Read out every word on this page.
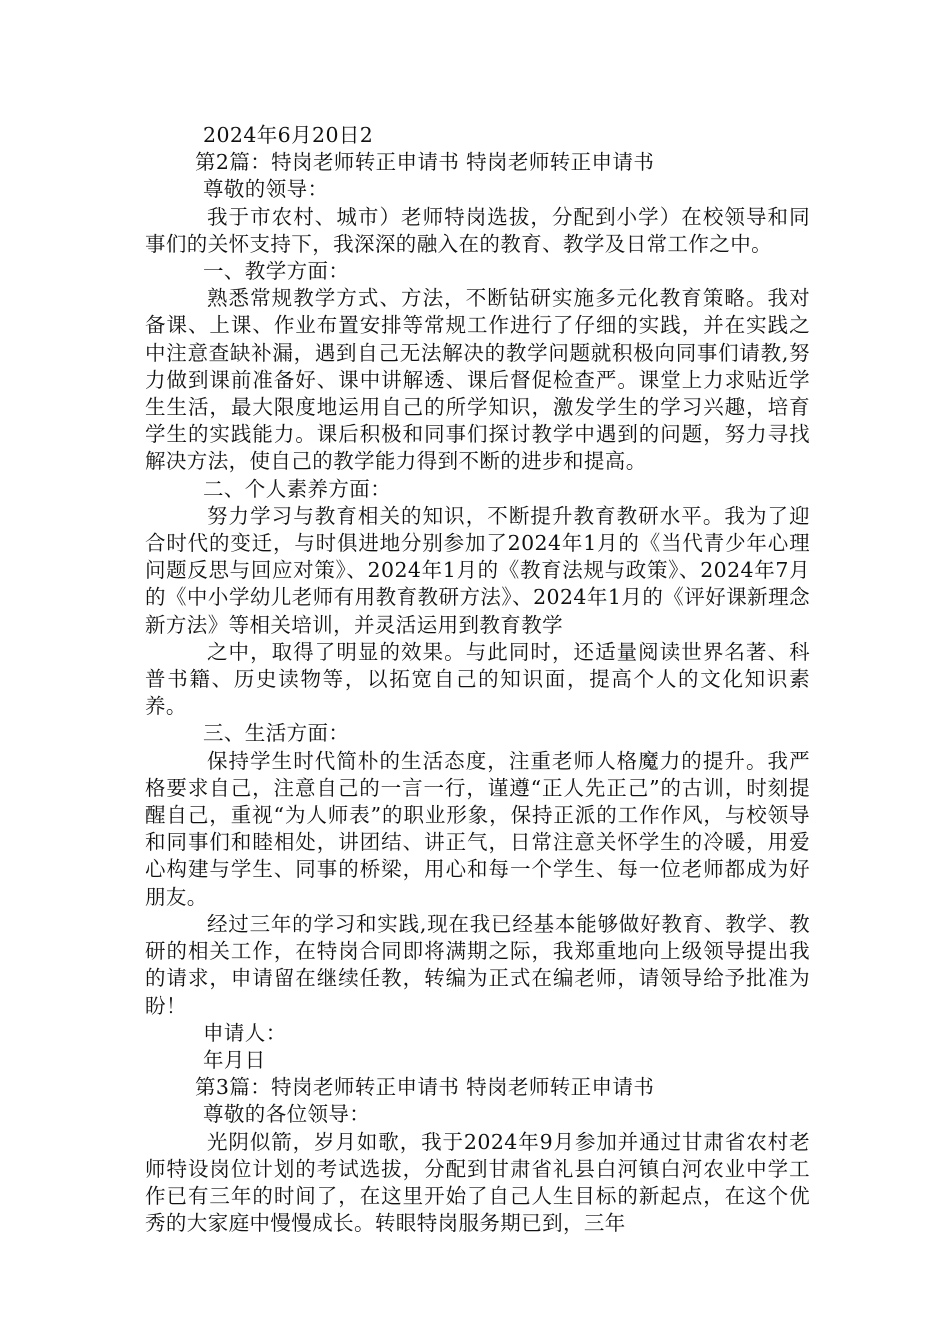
2024年6月20日2

第2篇：特岗老师转正申请书 特岗老师转正申请书

尊敬的领导：

我于市农村、城市）老师特岗选拔，分配到小学）在校领导和同事们的关怀支持下，我深深的融入在的教育、教学及日常工作之中。

一、教学方面：

熟悉常规教学方式、方法，不断钻研实施多元化教育策略。我对备课、上课、作业布置安排等常规工作进行了仔细的实践，并在实践之中注意查缺补漏，遇到自己无法解决的教学问题就积极向同事们请教,努力做到课前准备好、课中讲解透、课后督促检查严。课堂上力求贴近学生生活，最大限度地运用自己的所学知识，激发学生的学习兴趣，培育学生的实践能力。课后积极和同事们探讨教学中遇到的问题，努力寻找解决方法，使自己的教学能力得到不断的进步和提高。

二、个人素养方面：

努力学习与教育相关的知识，不断提升教育教研水平。我为了迎合时代的变迁，与时俱进地分别参加了2024年1月的《当代青少年心理问题反思与回应对策》、2024年1月的《教育法规与政策》、2024年7月的《中小学幼儿老师有用教育教研方法》、2024年1月的《评好课新理念 新方法》等相关培训，并灵活运用到教育教学

之中，取得了明显的效果。与此同时，还适量阅读世界名著、科普书籍、历史读物等，以拓宽自己的知识面，提高个人的文化知识素养。

三、生活方面：

保持学生时代简朴的生活态度，注重老师人格魔力的提升。我严格要求自己，注意自己的一言一行，谨遵“正人先正己”的古训，时刻提醒自己，重视“为人师表”的职业形象，保持正派的工作作风，与校领导和同事们和睦相处，讲团结、讲正气，日常注意关怀学生的冷暖，用爱心构建与学生、同事的桥梁，用心和每一个学生、每一位老师都成为好朋友。

经过三年的学习和实践,现在我已经基本能够做好教育、教学、教研的相关工作，在特岗合同即将满期之际，我郑重地向上级领导提出我的请求，申请留在继续任教，转编为正式在编老师，请领导给予批准为盼！

申请人：

年月日

第3篇：特岗老师转正申请书 特岗老师转正申请书

尊敬的各位领导：

光阴似箭，岁月如歌，我于2024年9月参加并通过甘肃省农村老师特设岗位计划的考试选拔，分配到甘肃省礼县白河镇白河农业中学工作已有三年的时间了，在这里开始了自己人生目标的新起点，在这个优秀的大家庭中慢慢成长。转眼特岗服务期已到，三年
